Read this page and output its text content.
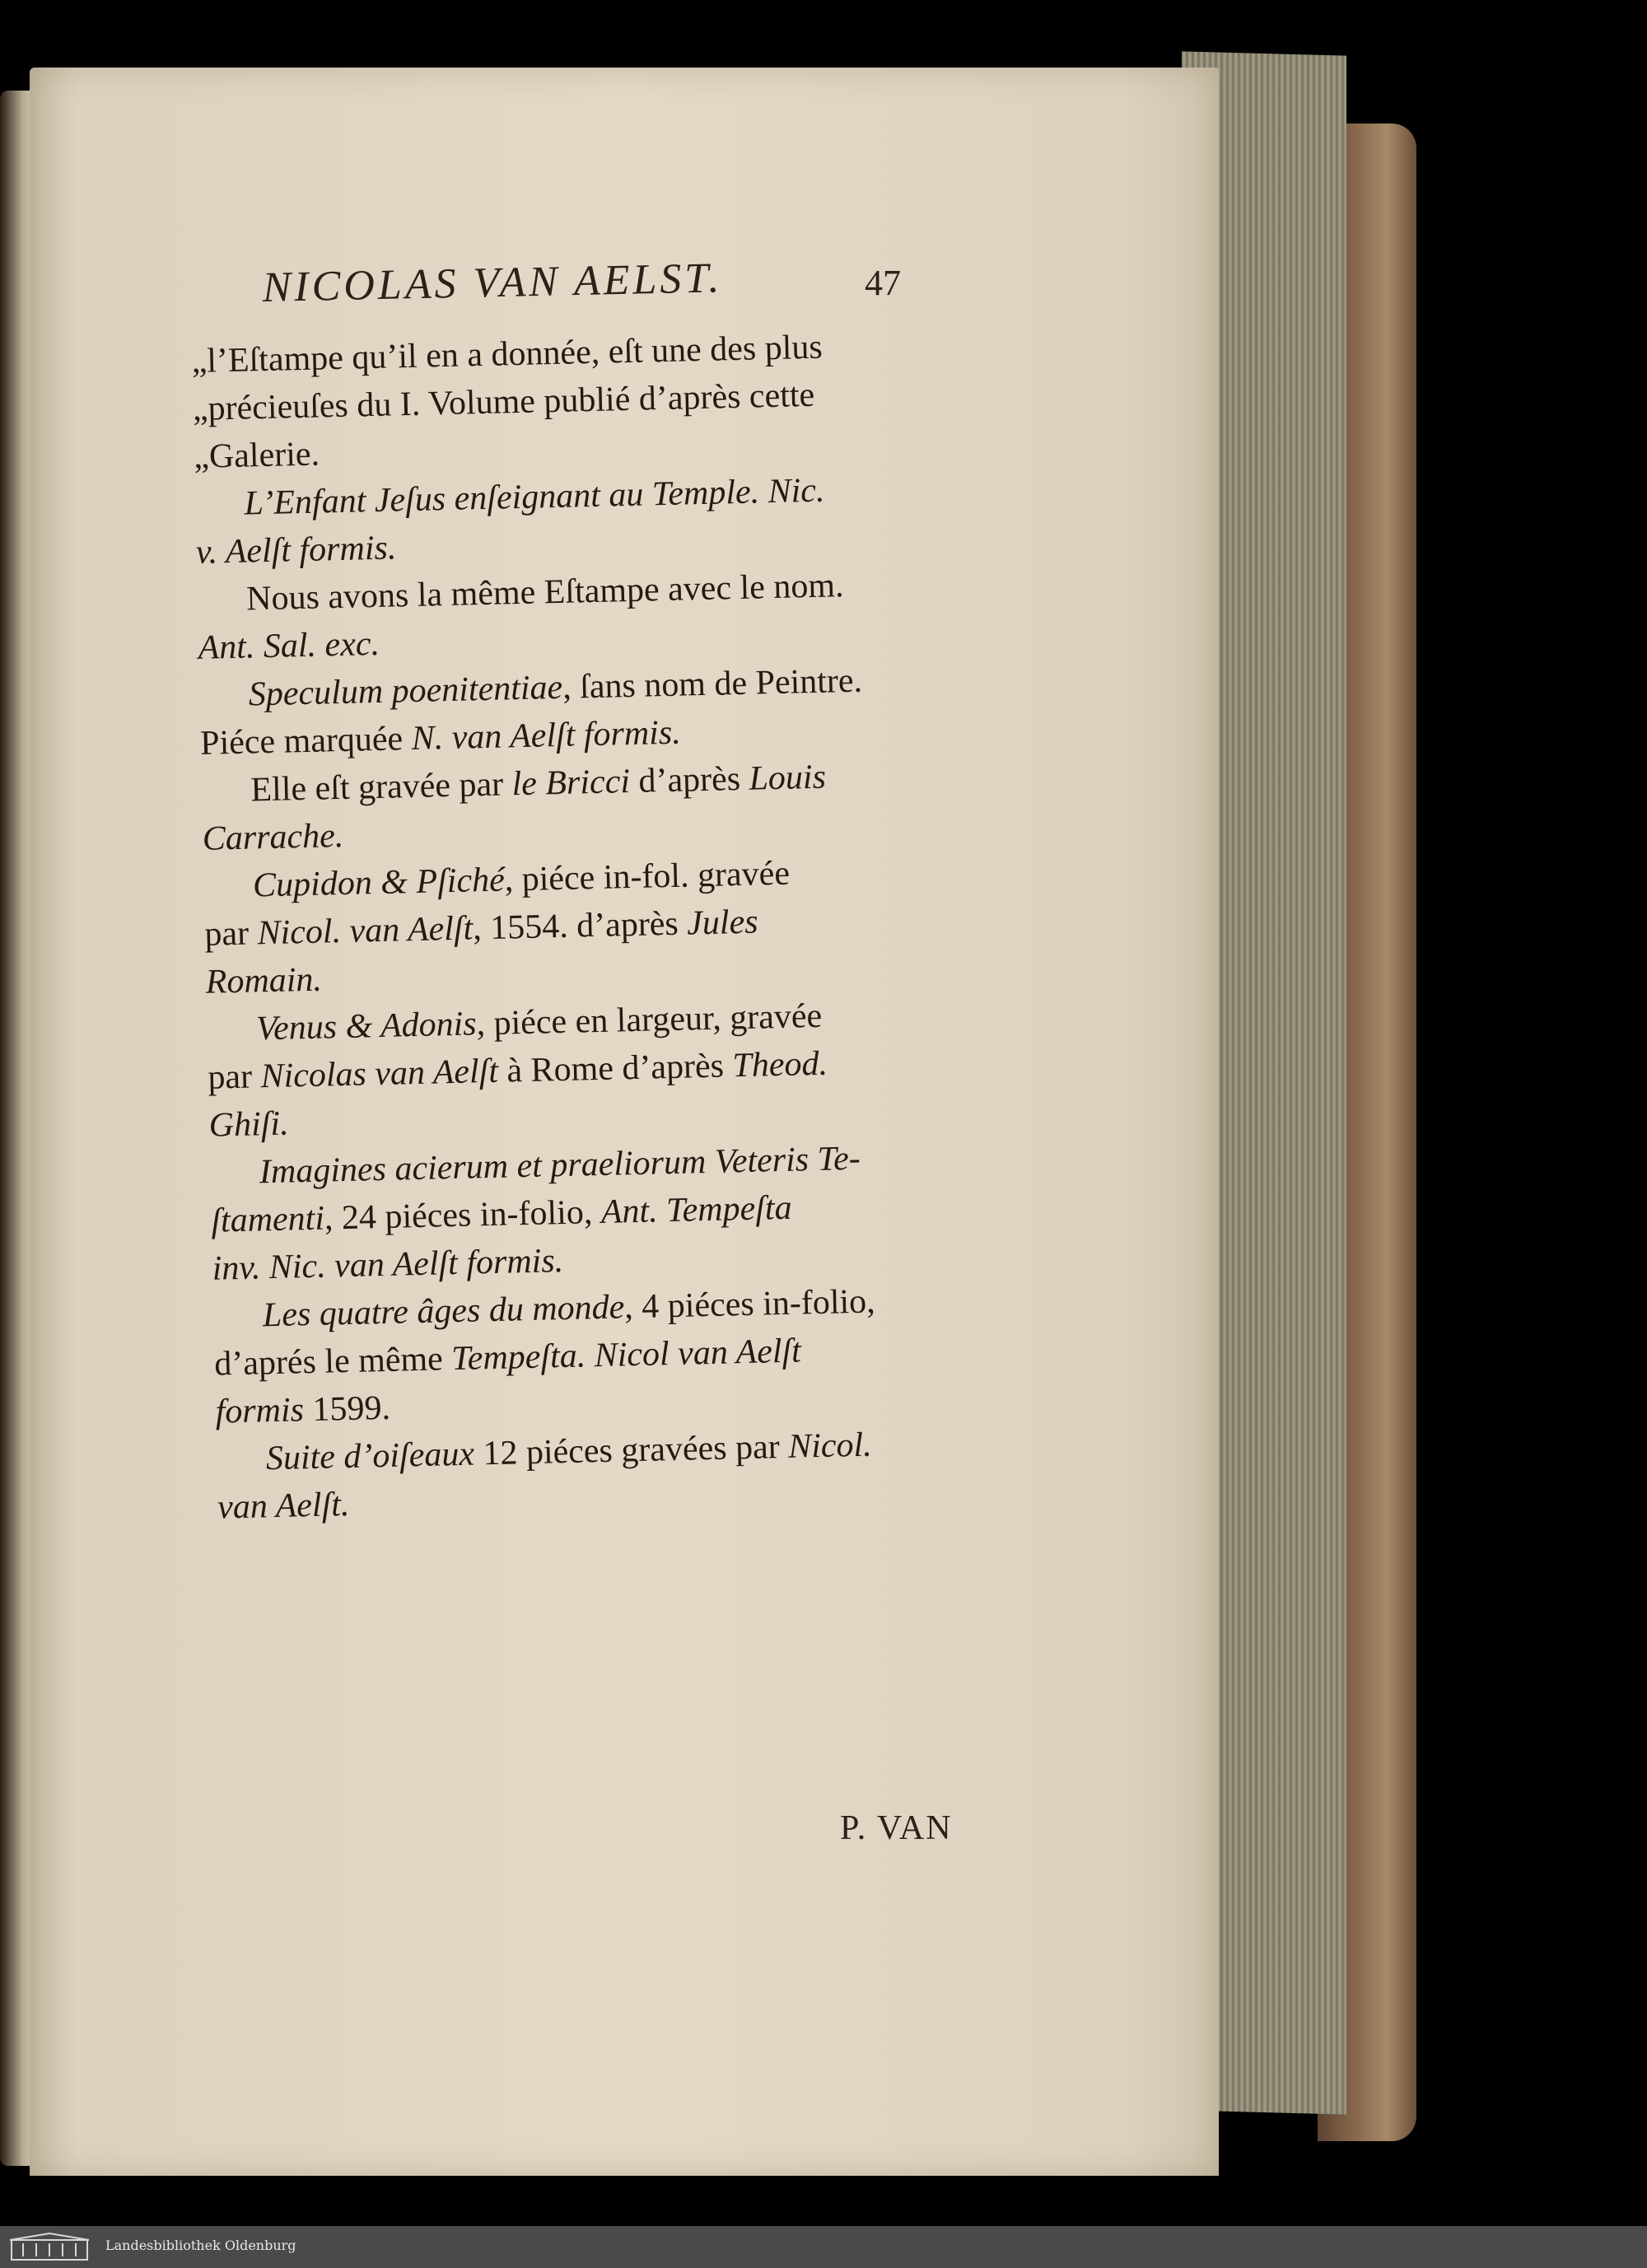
NICOLAS VAN AELST.	47
„l’Eſtampe qu’il en a donnée, eſt une des plus
„précieuſes du I. Volume publié d’après cette
„Galerie.
L’Enfant Jeſus enſeignant au Temple. Nic.
v. Aelſt formis.
Nous avons la même Eſtampe avec le nom.
Ant. Sal. exc.
Speculum poenitentiae, ſans nom de Peintre.
Piéce marquée N. van Aelſt formis.
Elle eſt gravée par le Bricci d’après Louis
Carrache.
Cupidon & Pſiché, piéce in-fol. gravée
par Nicol. van Aelſt, 1554. d’après Jules
Romain.
Venus & Adonis, piéce en largeur, gravée
par Nicolas van Aelſt à Rome d’après Theod.
Ghiſi.
Imagines acierum et praeliorum Veteris Te-
ſtamenti, 24 piéces in-folio, Ant. Tempeſta
inv. Nic. van Aelſt formis.
Les quatre âges du monde, 4 piéces in-folio,
d’aprés le même Tempeſta. Nicol van Aelſt
formis 1599.
Suite d’oiſeaux 12 piéces gravées par Nicol.
van Aelſt.
P. VAN
Landesbibliothek Oldenburg
